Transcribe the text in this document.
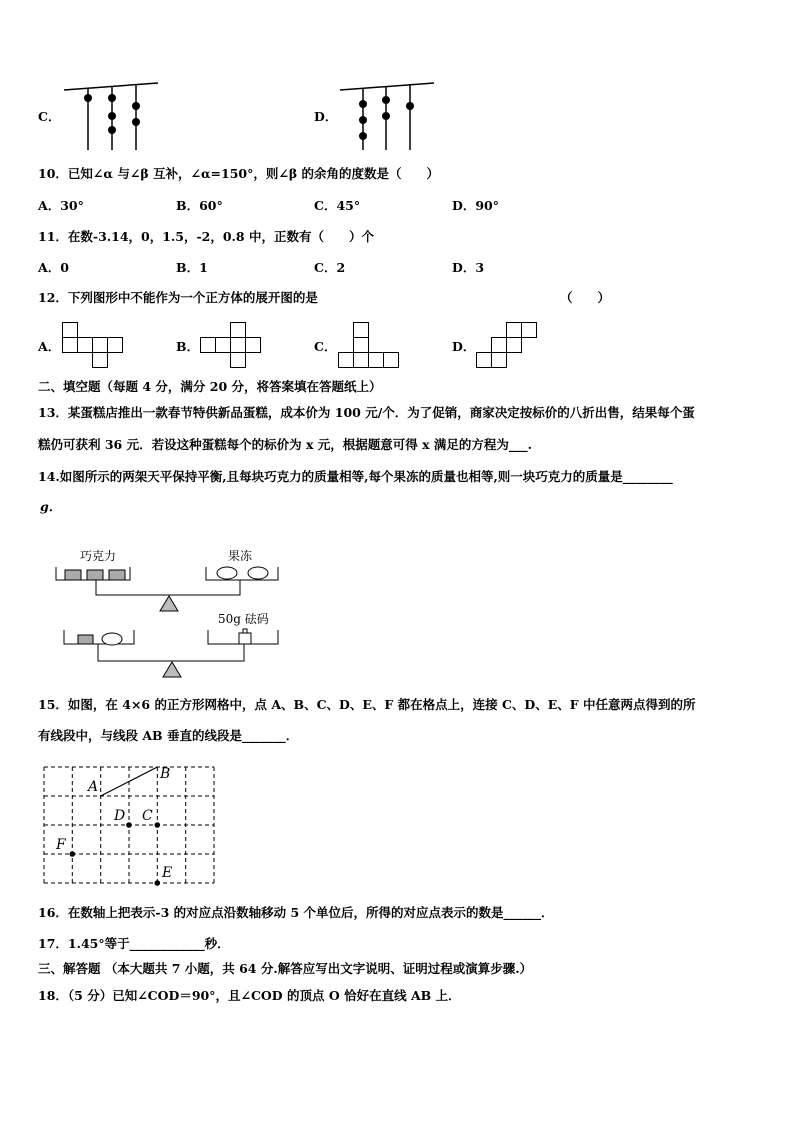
C．	D．
10．已知∠α 与∠β 互补，∠α=150°，则∠β 的余角的度数是（　　）
A．30°	B．60°	C．45°	D．90°
11．在数-3.14，0，1.5，-2，0.8 中，正数有（　　）个
A．0	B．1	C．2	D．3
12．下列图形中不能作为一个正方体的展开图的是	（　　）
A．	B．	C．	D．
二、填空题（每题 4 分，满分 20 分，将答案填在答题纸上）
13．某蛋糕店推出一款春节特供新品蛋糕，成本价为 100 元/个．为了促销，商家决定按标价的八折出售，结果每个蛋
糕仍可获利 36 元．若设这种蛋糕每个的标价为 x 元，根据题意可得 x 满足的方程为___.
14.如图所示的两架天平保持平衡,且每块巧克力的质量相等,每个果冻的质量也相等,则一块巧克力的质量是________
g．
巧克力	果冻
50g 砝码
15．如图，在 4×6 的正方形网格中，点 A、B、C、D、E、F 都在格点上，连接 C、D、E、F 中任意两点得到的所
有线段中，与线段 AB 垂直的线段是_______．
A
B
C
D
E
F
16．在数轴上把表示-3 的对应点沿数轴移动 5 个单位后，所得的对应点表示的数是______．
17．1.45°等于____________秒．
三、解答题 （本大题共 7 小题，共 64 分.解答应写出文字说明、证明过程或演算步骤.）
18．（5 分）已知∠COD＝90°，且∠COD 的顶点 O 恰好在直线 AB 上．
